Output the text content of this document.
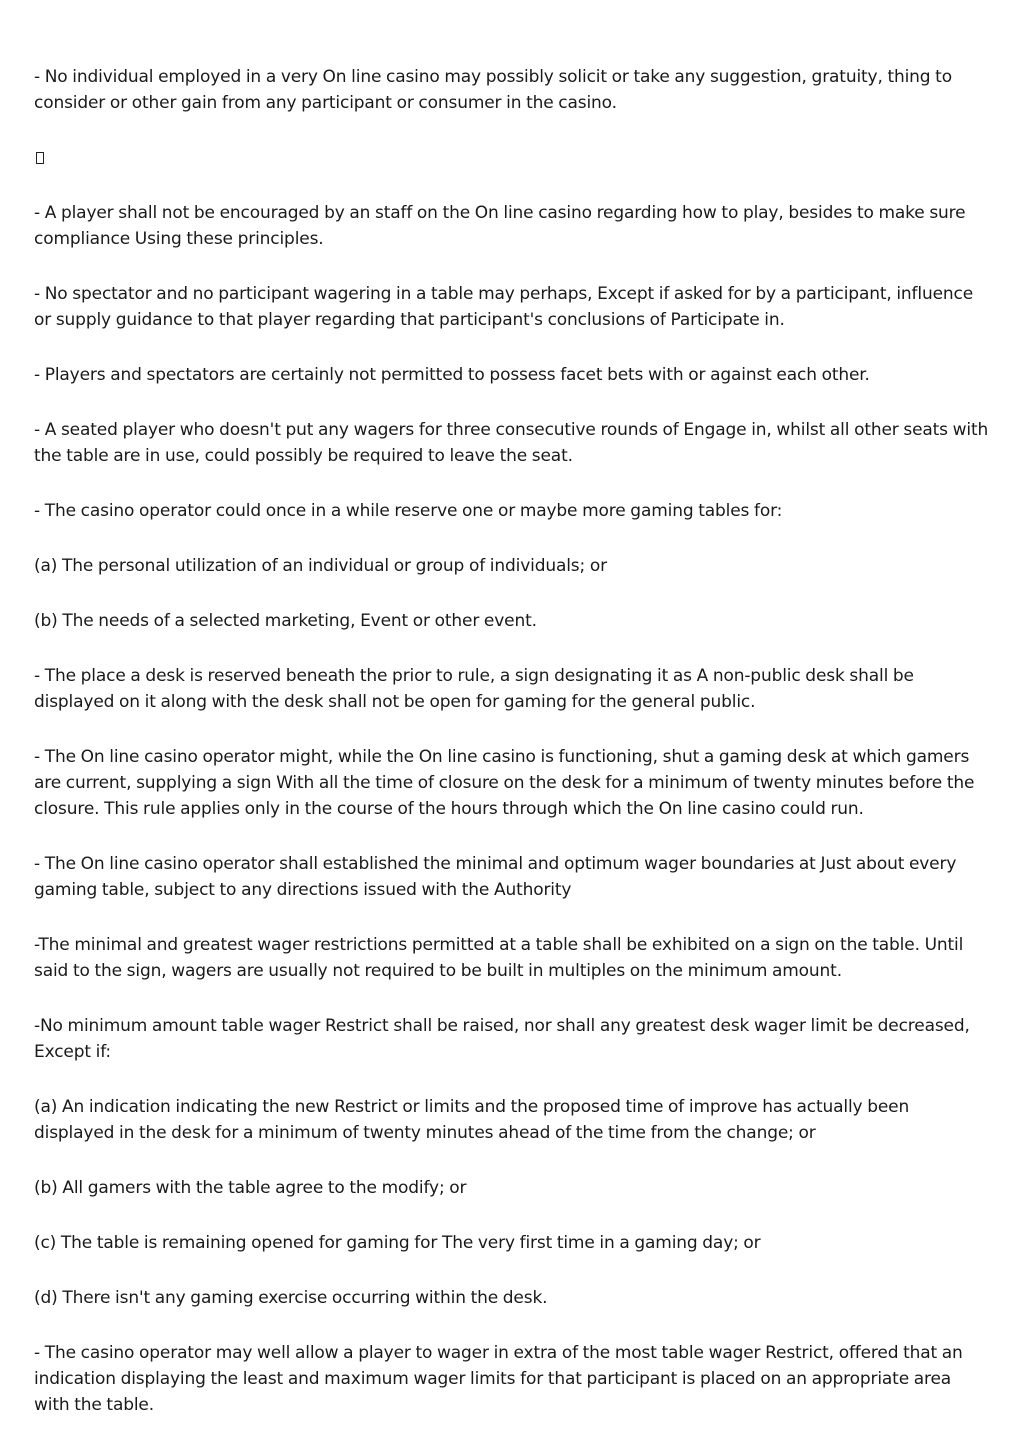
- No individual employed in a very On line casino may possibly solicit or take any suggestion, gratuity, thing to consider or other gain from any participant or consumer in the casino.

- A player shall not be encouraged by an staff on the On line casino regarding how to play, besides to make sure compliance Using these principles.

- No spectator and no participant wagering in a table may perhaps, Except if asked for by a participant, influence or supply guidance to that player regarding that participant's conclusions of Participate in.

- Players and spectators are certainly not permitted to possess facet bets with or against each other.

- A seated player who doesn't put any wagers for three consecutive rounds of Engage in, whilst all other seats with the table are in use, could possibly be required to leave the seat.

- The casino operator could once in a while reserve one or maybe more gaming tables for:

(a) The personal utilization of an individual or group of individuals; or

(b) The needs of a selected marketing, Event or other event.

- The place a desk is reserved beneath the prior to rule, a sign designating it as A non-public desk shall be displayed on it along with the desk shall not be open for gaming for the general public.

- The On line casino operator might, while the On line casino is functioning, shut a gaming desk at which gamers are current, supplying a sign With all the time of closure on the desk for a minimum of twenty minutes before the closure. This rule applies only in the course of the hours through which the On line casino could run.

- The On line casino operator shall established the minimal and optimum wager boundaries at Just about every gaming table, subject to any directions issued with the Authority

-The minimal and greatest wager restrictions permitted at a table shall be exhibited on a sign on the table. Until said to the sign, wagers are usually not required to be built in multiples on the minimum amount.

-No minimum amount table wager Restrict shall be raised, nor shall any greatest desk wager limit be decreased, Except if:

(a) An indication indicating the new Restrict or limits and the proposed time of improve has actually been displayed in the desk for a minimum of twenty minutes ahead of the time from the change; or

(b) All gamers with the table agree to the modify; or

(c) The table is remaining opened for gaming for The very first time in a gaming day; or

(d) There isn't any gaming exercise occurring within the desk.

- The casino operator may well allow a player to wager in extra of the most table wager Restrict, offered that an indication displaying the least and maximum wager limits for that participant is placed on an appropriate area with the table.
